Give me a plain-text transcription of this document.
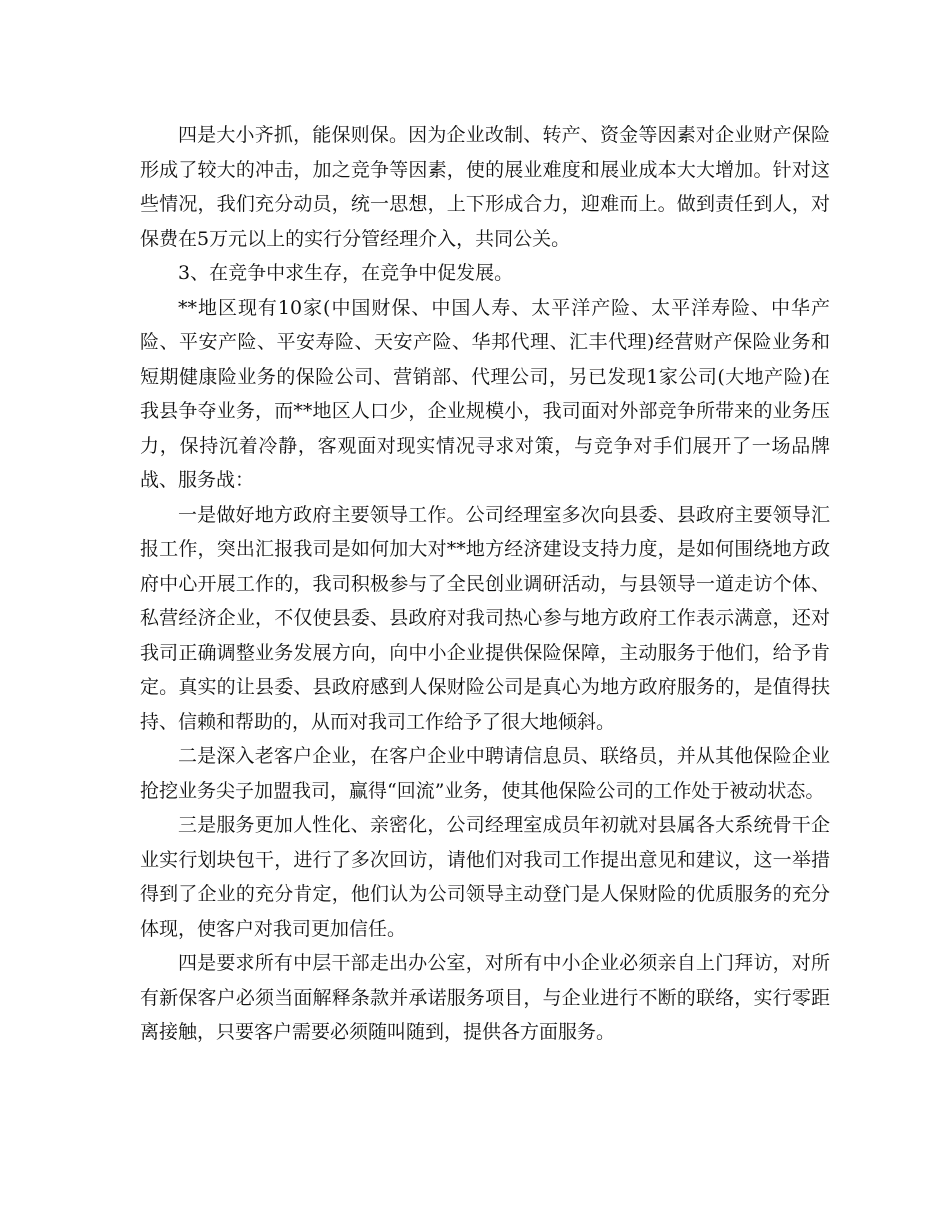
四是大小齐抓，能保则保。因为企业改制、转产、资金等因素对企业财产保险形成了较大的冲击，加之竞争等因素，使的展业难度和展业成本大大增加。针对这些情况，我们充分动员，统一思想，上下形成合力，迎难而上。做到责任到人，对保费在5万元以上的实行分管经理介入，共同公关。

3、在竞争中求生存，在竞争中促发展。

**地区现有10家(中国财保、中国人寿、太平洋产险、太平洋寿险、中华产险、平安产险、平安寿险、天安产险、华邦代理、汇丰代理)经营财产保险业务和短期健康险业务的保险公司、营销部、代理公司，另已发现1家公司(大地产险)在我县争夺业务，而**地区人口少，企业规模小，我司面对外部竞争所带来的业务压力，保持沉着冷静，客观面对现实情况寻求对策，与竞争对手们展开了一场品牌战、服务战：

一是做好地方政府主要领导工作。公司经理室多次向县委、县政府主要领导汇报工作，突出汇报我司是如何加大对**地方经济建设支持力度，是如何围绕地方政府中心开展工作的，我司积极参与了全民创业调研活动，与县领导一道走访个体、私营经济企业，不仅使县委、县政府对我司热心参与地方政府工作表示满意，还对我司正确调整业务发展方向，向中小企业提供保险保障，主动服务于他们，给予肯定。真实的让县委、县政府感到人保财险公司是真心为地方政府服务的，是值得扶持、信赖和帮助的，从而对我司工作给予了很大地倾斜。

二是深入老客户企业，在客户企业中聘请信息员、联络员，并从其他保险企业抢挖业务尖子加盟我司，赢得“回流”业务，使其他保险公司的工作处于被动状态。

三是服务更加人性化、亲密化，公司经理室成员年初就对县属各大系统骨干企业实行划块包干，进行了多次回访，请他们对我司工作提出意见和建议，这一举措得到了企业的充分肯定，他们认为公司领导主动登门是人保财险的优质服务的充分体现，使客户对我司更加信任。

四是要求所有中层干部走出办公室，对所有中小企业必须亲自上门拜访，对所有新保客户必须当面解释条款并承诺服务项目，与企业进行不断的联络，实行零距离接触，只要客户需要必须随叫随到，提供各方面服务。
